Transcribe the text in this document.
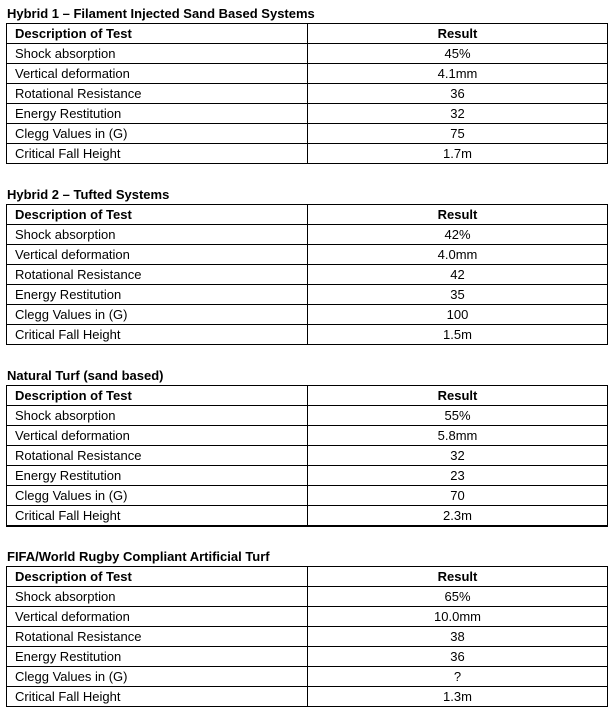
Hybrid 1 – Filament Injected Sand Based Systems
Description of Test	Result
Shock absorption	45%
Vertical deformation	4.1mm
Rotational Resistance	36
Energy Restitution	32
Clegg Values in (G)	75
Critical Fall Height	1.7m
Hybrid 2 – Tufted Systems
Description of Test	Result
Shock absorption	42%
Vertical deformation	4.0mm
Rotational Resistance	42
Energy Restitution	35
Clegg Values in (G)	100
Critical Fall Height	1.5m
Natural Turf (sand based)
Description of Test	Result
Shock absorption	55%
Vertical deformation	5.8mm
Rotational Resistance	32
Energy Restitution	23
Clegg Values in (G)	70
Critical Fall Height	2.3m
FIFA/World Rugby Compliant Artificial Turf
Description of Test	Result
Shock absorption	65%
Vertical deformation	10.0mm
Rotational Resistance	38
Energy Restitution	36
Clegg Values in (G)	?
Critical Fall Height	1.3m
